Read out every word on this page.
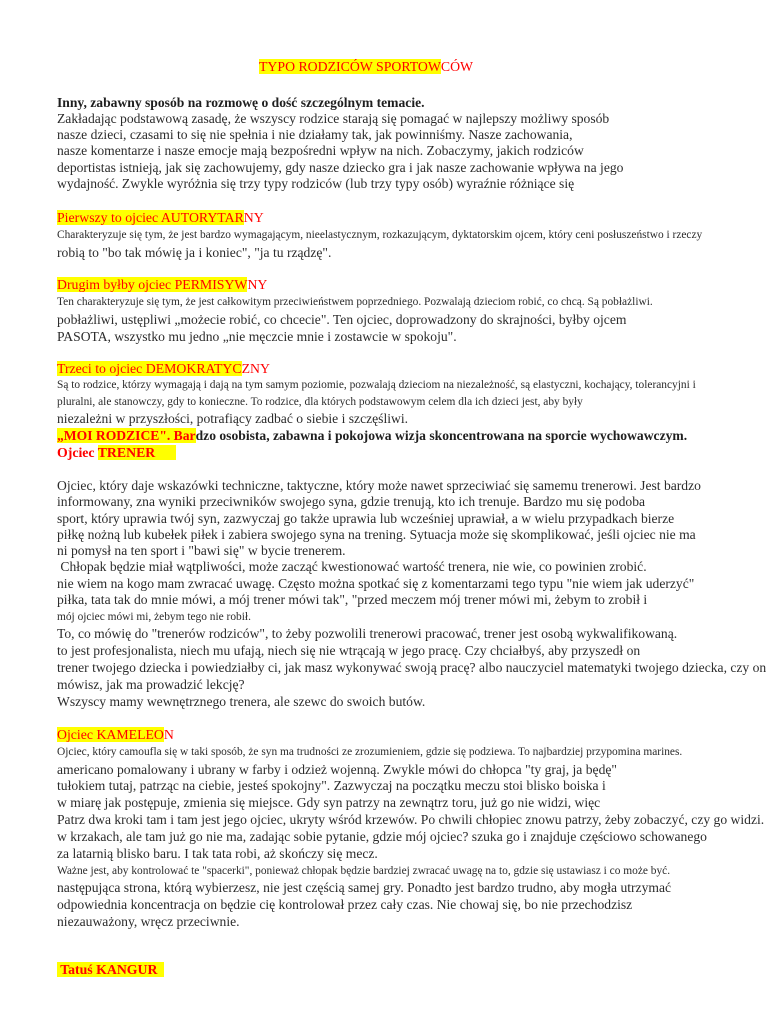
TYPO RODZICÓW SPORTOWCÓW
Inny, zabawny sposób na rozmowę o dość szczególnym temacie.
Zakładając podstawową zasadę, że wszyscy rodzice starają się pomagać w najlepszy możliwy sposób
nasze dzieci, czasami to się nie spełnia i nie działamy tak, jak powinniśmy. Nasze zachowania,
nasze komentarze i nasze emocje mają bezpośredni wpływ na nich. Zobaczymy, jakich rodziców
deportistas istnieją, jak się zachowujemy, gdy nasze dziecko gra i jak nasze zachowanie wpływa na jego
wydajność. Zwykle wyróżnia się trzy typy rodziców (lub trzy typy osób) wyraźnie różniące się
Pierwszy to ojciec AUTORYTARNY
Charakteryzuje się tym, że jest bardzo wymagającym, nieelastycznym, rozkazującym, dyktatorskim ojcem, który ceni posłuszeństwo i rzeczy
robią to "bo tak mówię ja i koniec", "ja tu rządzę".
Drugim byłby ojciec PERMISYWNY
Ten charakteryzuje się tym, że jest całkowitym przeciwieństwem poprzedniego. Pozwalają dzieciom robić, co chcą. Są pobłażliwi.
pobłażliwi, ustępliwi „możecie robić, co chcecie". Ten ojciec, doprowadzony do skrajności, byłby ojcem
PASOTA, wszystko mu jedno „nie męczcie mnie i zostawcie w spokoju".
Trzeci to ojciec DEMOKRATYCZNY
Są to rodzice, którzy wymagają i dają na tym samym poziomie, pozwalają dzieciom na niezależność, są elastyczni, kochający, tolerancyjni i
pluralni, ale stanowczy, gdy to konieczne. To rodzice, dla których podstawowym celem dla ich dzieci jest, aby były
niezależni w przyszłości, potrafiący zadbać o siebie i szczęśliwi.
„MOI RODZICE". Bardzo osobista, zabawna i pokojowa wizja skoncentrowana na sporcie wychowawczym.
Ojciec TRENER
Ojciec, który daje wskazówki techniczne, taktyczne, który może nawet sprzeciwiać się samemu trenerowi. Jest bardzo
informowany, zna wyniki przeciwników swojego syna, gdzie trenują, kto ich trenuje. Bardzo mu się podoba
sport, który uprawia twój syn, zazwyczaj go także uprawia lub wcześniej uprawiał, a w wielu przypadkach bierze
piłkę nożną lub kubełek piłek i zabiera swojego syna na trening. Sytuacja może się skomplikować, jeśli ojciec nie ma
ni pomysł na ten sport i "bawi się" w bycie trenerem.
Chłopak będzie miał wątpliwości, może zacząć kwestionować wartość trenera, nie wie, co powinien zrobić.
nie wiem na kogo mam zwracać uwagę. Często można spotkać się z komentarzami tego typu "nie wiem jak uderzyć"
piłka, tata tak do mnie mówi, a mój trener mówi tak", "przed meczem mój trener mówi mi, żebym to zrobił i
mój ojciec mówi mi, żebym tego nie robił.
To, co mówię do "trenerów rodziców", to żeby pozwolili trenerowi pracować, trener jest osobą wykwalifikowaną.
to jest profesjonalista, niech mu ufają, niech się nie wtrącają w jego pracę. Czy chciałbyś, aby przyszedł on
trener twojego dziecka i powiedziałby ci, jak masz wykonywać swoją pracę? albo nauczyciel matematyki twojego dziecka, czy on
mówisz, jak ma prowadzić lekcję?
Wszyscy mamy wewnętrznego trenera, ale szewc do swoich butów.
Ojciec KAMELEON
Ojciec, który camouflа się w taki sposób, że syn ma trudności ze zrozumieniem, gdzie się podziewa. To najbardziej przypomina marines.
americano pomalowany i ubrany w farby i odzież wojenną. Zwykle mówi do chłopca "ty graj, ja będę"
tułokiem tutaj, patrząc na ciebie, jesteś spokojny". Zazwyczaj na początku meczu stoi blisko boiska i
w miarę jak postępuje, zmienia się miejsce. Gdy syn patrzy na zewnątrz toru, już go nie widzi, więc
Patrz dwa kroki tam i tam jest jego ojciec, ukryty wśród krzewów. Po chwili chłopiec znowu patrzy, żeby zobaczyć, czy go widzi.
w krzakach, ale tam już go nie ma, zadając sobie pytanie, gdzie mój ojciec? szuka go i znajduje częściowo schowanego
za latarnią blisko baru. I tak tata robi, aż skończy się mecz.
Ważne jest, aby kontrolować te "spacerki", ponieważ chłopak będzie bardziej zwracać uwagę na to, gdzie się ustawiasz i co może być.
następująca strona, którą wybierzesz, nie jest częścią samej gry. Ponadto jest bardzo trudno, aby mogła utrzymać
odpowiednia koncentracja on będzie cię kontrolował przez cały czas. Nie chowaj się, bo nie przechodzisz
niezauważony, wręcz przeciwnie.
Tatuś KANGUR
